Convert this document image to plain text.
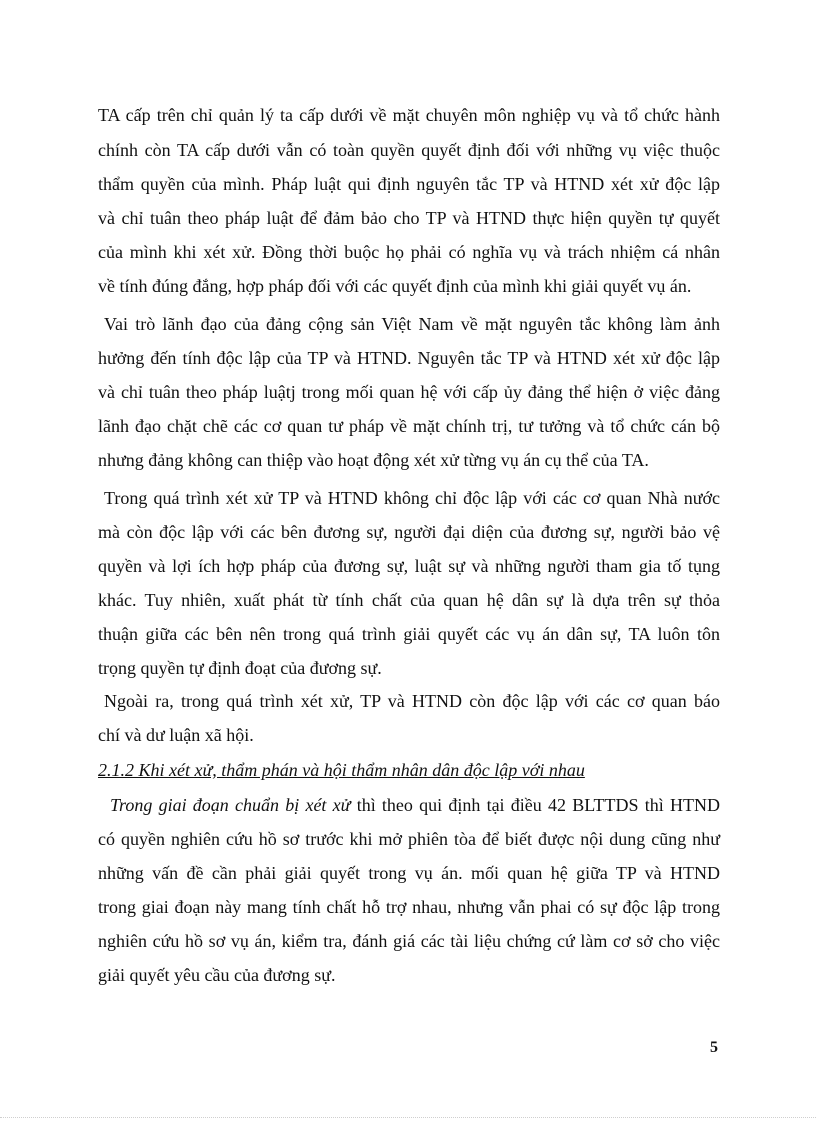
TA cấp trên chỉ quản lý ta cấp dưới về mặt chuyên môn nghiệp vụ và tổ chức hành
chính còn TA cấp dưới vẫn có toàn quyền quyết định đối với những vụ việc thuộc
thẩm quyền của mình. Pháp luật qui định nguyên tắc TP và HTND xét xử độc lập
và chỉ tuân theo pháp luật để đảm bảo cho TP và HTND thực hiện quyền tự quyết
của mình khi xét xử. Đồng thời buộc họ phải có nghĩa vụ và trách nhiệm cá nhân
về tính đúng đắng, hợp pháp đối với các quyết định của mình khi giải quyết vụ án.
Vai trò lãnh đạo của đảng cộng sản Việt Nam về mặt nguyên tắc không làm ảnh
hưởng đến tính độc lập của TP và HTND. Nguyên tắc TP và HTND xét xử độc lập
và chỉ tuân theo pháp luậtj trong mối quan hệ với cấp ủy đảng thể hiện ở việc đảng
lãnh đạo chặt chẽ các cơ quan tư pháp về mặt chính trị, tư tưởng và tổ chức cán bộ
nhưng đảng không can thiệp vào hoạt động xét xử từng vụ án cụ thể của TA.
Trong quá trình xét xử TP và HTND không chỉ độc lập với các cơ quan Nhà nước
mà còn độc lập với các bên đương sự, người đại diện của đương sự, người bảo vệ
quyền và lợi ích hợp pháp của đương sự, luật sự và những người tham gia tố tụng
khác. Tuy nhiên, xuất phát từ tính chất của quan hệ dân sự là dựa trên sự thỏa
thuận giữa các bên nên trong quá trình giải quyết các vụ án dân sự, TA luôn tôn
trọng quyền tự định đoạt của đương sự.
Ngoài ra, trong quá trình xét xử, TP và HTND còn độc lập với các cơ quan báo
chí và dư luận xã hội.
2.1.2 Khi xét xử, thẩm phán và hội thẩm nhân dân độc lập với nhau
Trong giai đoạn chuẩn bị xét xử thì theo qui định tại điều 42 BLTTDS thì HTND
có quyền nghiên cứu hồ sơ trước khi mở phiên tòa để biết được nội dung cũng như
những vấn đề cần phải giải quyết trong vụ án. mối quan hệ giữa TP và HTND
trong giai đoạn này mang tính chất hỗ trợ nhau, nhưng vẫn phai có sự độc lập trong
nghiên cứu hồ sơ vụ án, kiểm tra, đánh giá các tài liệu chứng cứ làm cơ sở cho việc
giải quyết yêu cầu của đương sự.
5
